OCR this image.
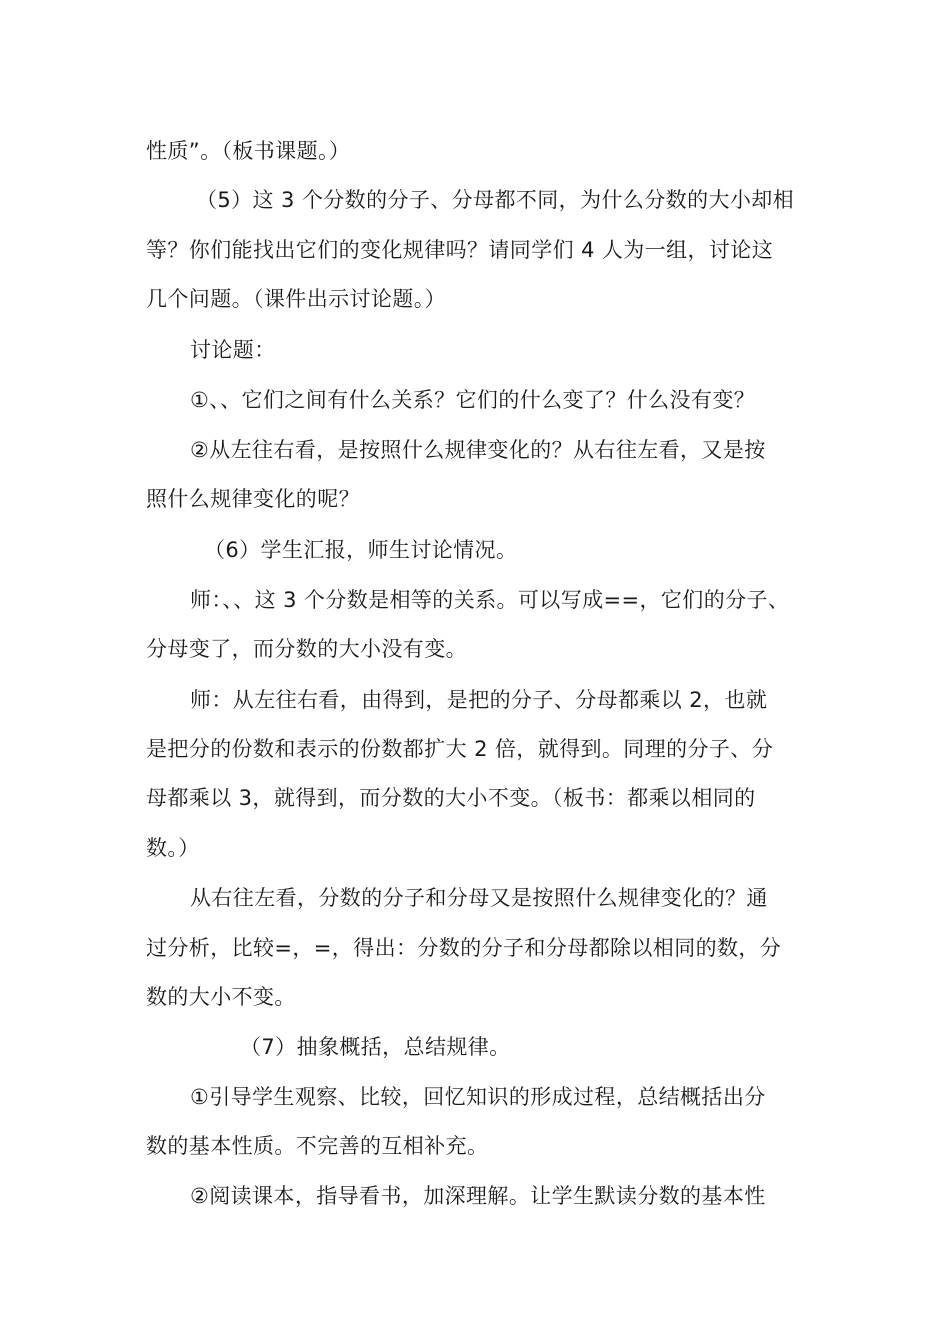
性质”。（板书课题。）

（5）这 3 个分数的分子、分母都不同，为什么分数的大小却相

等？你们能找出它们的变化规律吗？请同学们 4 人为一组，讨论这

几个问题。（课件出示讨论题。）

讨论题：

①、、它们之间有什么关系？它们的什么变了？什么没有变？

②从左往右看，是按照什么规律变化的？从右往左看，又是按

照什么规律变化的呢？

（6）学生汇报，师生讨论情况。

师：、、这 3 个分数是相等的关系。可以写成==，它们的分子、

分母变了，而分数的大小没有变。

师：从左往右看，由得到，是把的分子、分母都乘以 2，也就

是把分的份数和表示的份数都扩大 2 倍，就得到。同理的分子、分

母都乘以 3，就得到，而分数的大小不变。（板书：都乘以相同的

数。）

从右往左看，分数的分子和分母又是按照什么规律变化的？通

过分析，比较=，=，得出：分数的分子和分母都除以相同的数，分

数的大小不变。

（7）抽象概括，总结规律。

①引导学生观察、比较，回忆知识的形成过程，总结概括出分

数的基本性质。不完善的互相补充。

②阅读课本，指导看书，加深理解。让学生默读分数的基本性
